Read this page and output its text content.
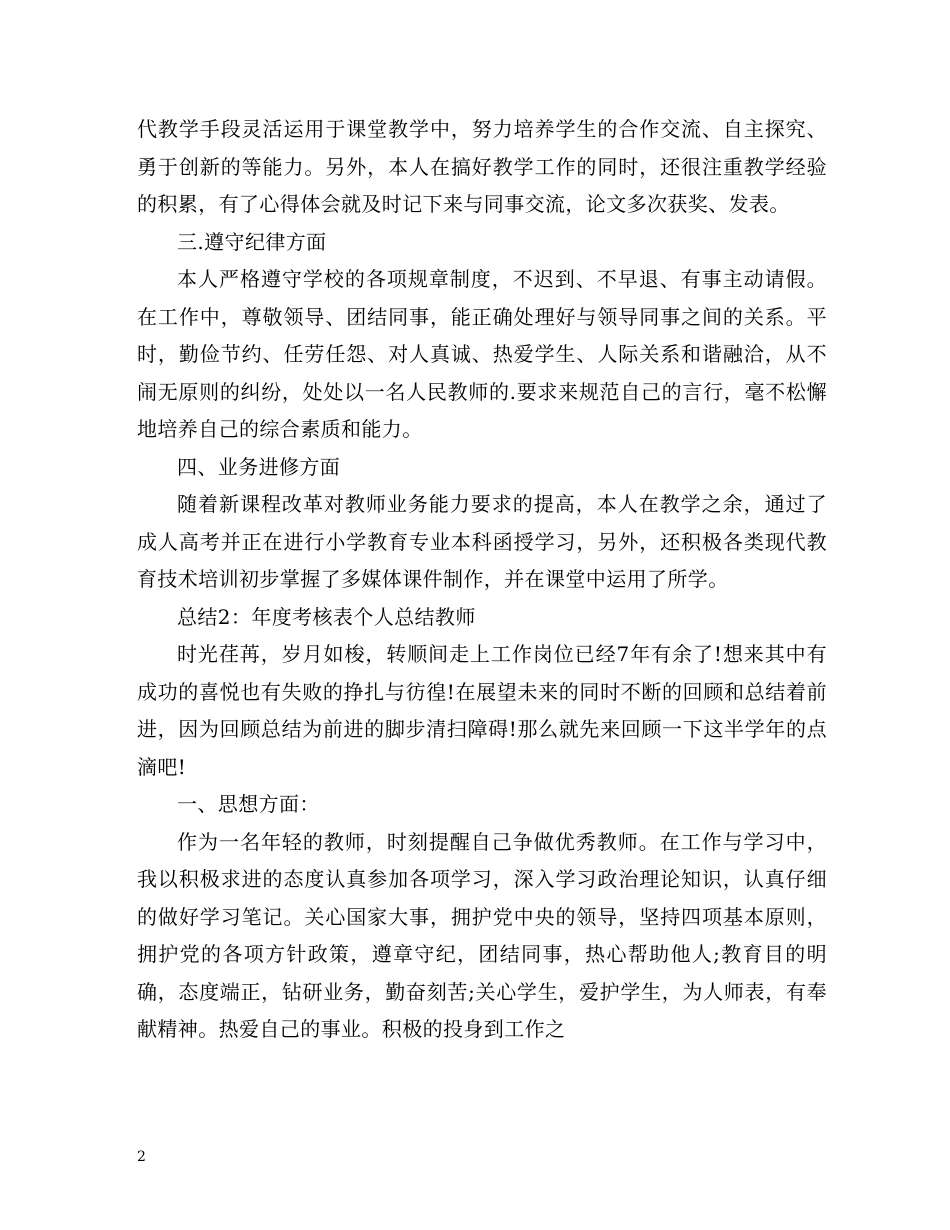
代教学手段灵活运用于课堂教学中，努力培养学生的合作交流、自主探究、勇于创新的等能力。另外，本人在搞好教学工作的同时，还很注重教学经验的积累，有了心得体会就及时记下来与同事交流，论文多次获奖、发表。

三.遵守纪律方面

本人严格遵守学校的各项规章制度，不迟到、不早退、有事主动请假。在工作中，尊敬领导、团结同事，能正确处理好与领导同事之间的关系。平时，勤俭节约、任劳任怨、对人真诚、热爱学生、人际关系和谐融洽，从不闹无原则的纠纷，处处以一名人民教师的.要求来规范自己的言行，毫不松懈地培养自己的综合素质和能力。

四、业务进修方面

随着新课程改革对教师业务能力要求的提高，本人在教学之余，通过了成人高考并正在进行小学教育专业本科函授学习，另外，还积极各类现代教育技术培训初步掌握了多媒体课件制作，并在课堂中运用了所学。

总结2：年度考核表个人总结教师

时光荏苒，岁月如梭，转顺间走上工作岗位已经7年有余了!想来其中有成功的喜悦也有失败的挣扎与彷徨!在展望未来的同时不断的回顾和总结着前进，因为回顾总结为前进的脚步清扫障碍!那么就先来回顾一下这半学年的点滴吧!

一、思想方面：

作为一名年轻的教师，时刻提醒自己争做优秀教师。在工作与学习中，我以积极求进的态度认真参加各项学习，深入学习政治理论知识，认真仔细的做好学习笔记。关心国家大事，拥护党中央的领导，坚持四项基本原则，拥护党的各项方针政策，遵章守纪，团结同事，热心帮助他人;教育目的明确，态度端正，钻研业务，勤奋刻苦;关心学生，爱护学生，为人师表，有奉献精神。热爱自己的事业。积极的投身到工作之

2
